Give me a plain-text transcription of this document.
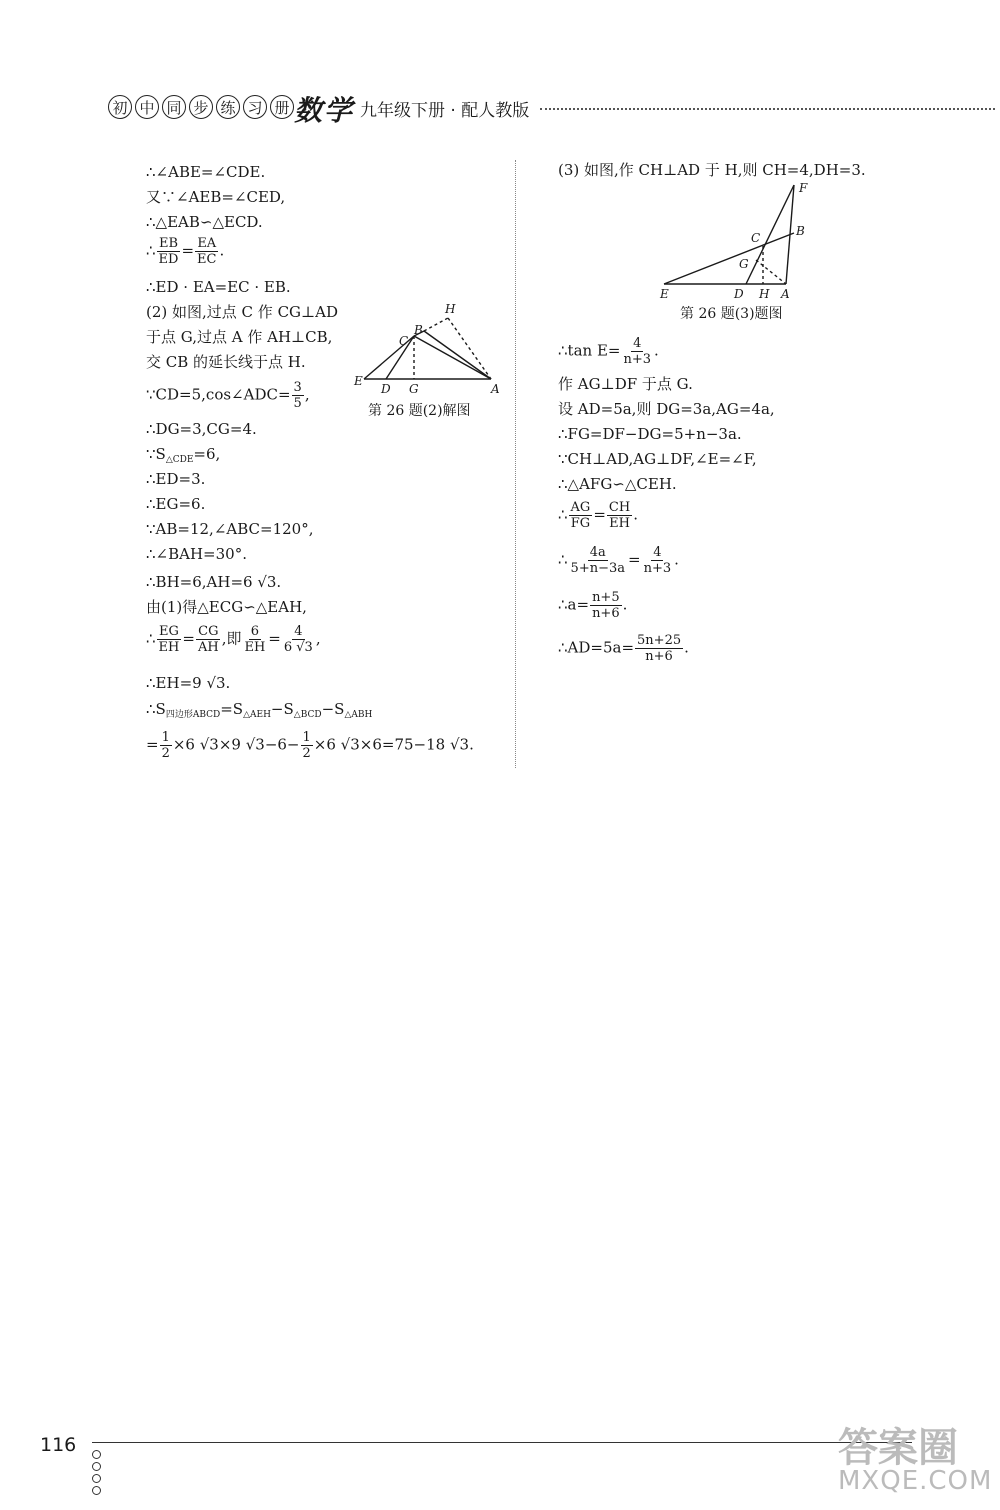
初 中 同 步 练 习 册 数学 九年级下册 · 配人教版
∴∠ABE=∠CDE.
又∵∠AEB=∠CED,
∴△EAB∽△ECD.
∴ $\frac{EB}{ED} = \frac{EA}{EC}$ .
∴ED · EA=EC · EB.
(2) 如图,过点 C 作 CG⊥AD
于点 G,过点 A 作 AH⊥CB,
交 CB 的延长线于点 H.
∵CD=5,cos∠ADC= $\frac{3}{5}$ ,
∴DG=3,CG=4.
$\because S_{\triangle CDE}=6$,
∴ED=3.
∴EG=6.
∵AB=12,∠ABC=120°,
∴∠BAH=30°.
∴BH=6,AH=6 √3.
由(1)得△ECG∽△EAH,
∴ $\frac{EG}{EH} = \frac{CG}{AH}$ ,即 $\frac{6}{EH} = \frac{4}{6 √3}$ ,
∴EH=9 √3.
$\therefore S_{四边形ABCD}=S_{\triangle AEH}-S_{\triangle BCD}-S_{\triangle ABH}$
= $\frac{1}{2} \times 6$ √3×9 $√3-6- \frac{1}{2} \times 6$ √3×6=75−18 √3.
H
B
C
E
D G	A
第 26 题(2)解图
(3) 如图,作 CH⊥AD 于 H,则 CH=4,DH=3.
∴tan $E= \frac{4}{n+3}$ .
作 AG⊥DF 于点 G.
设 AD=5a,则 DG=3a,AG=4a,
∴FG=DF−DG=5+n−3a.
∵CH⊥AD,AG⊥DF,∠E=∠F,
∴△AFG∽△CEH.
∴ $\frac{AG}{FG} = \frac{CH}{EH}$ .
∴ $\frac{4a}{5+n-3a} = \frac{4}{n+3}$ .
∴a= $\frac{n+5}{n+6}$ .
∴AD=5a= $\frac{5n+25}{n+6}$ .
F
B
C
G
E	D H A
第 26 题(3)题图
116	答案圈
MXQE.COM
